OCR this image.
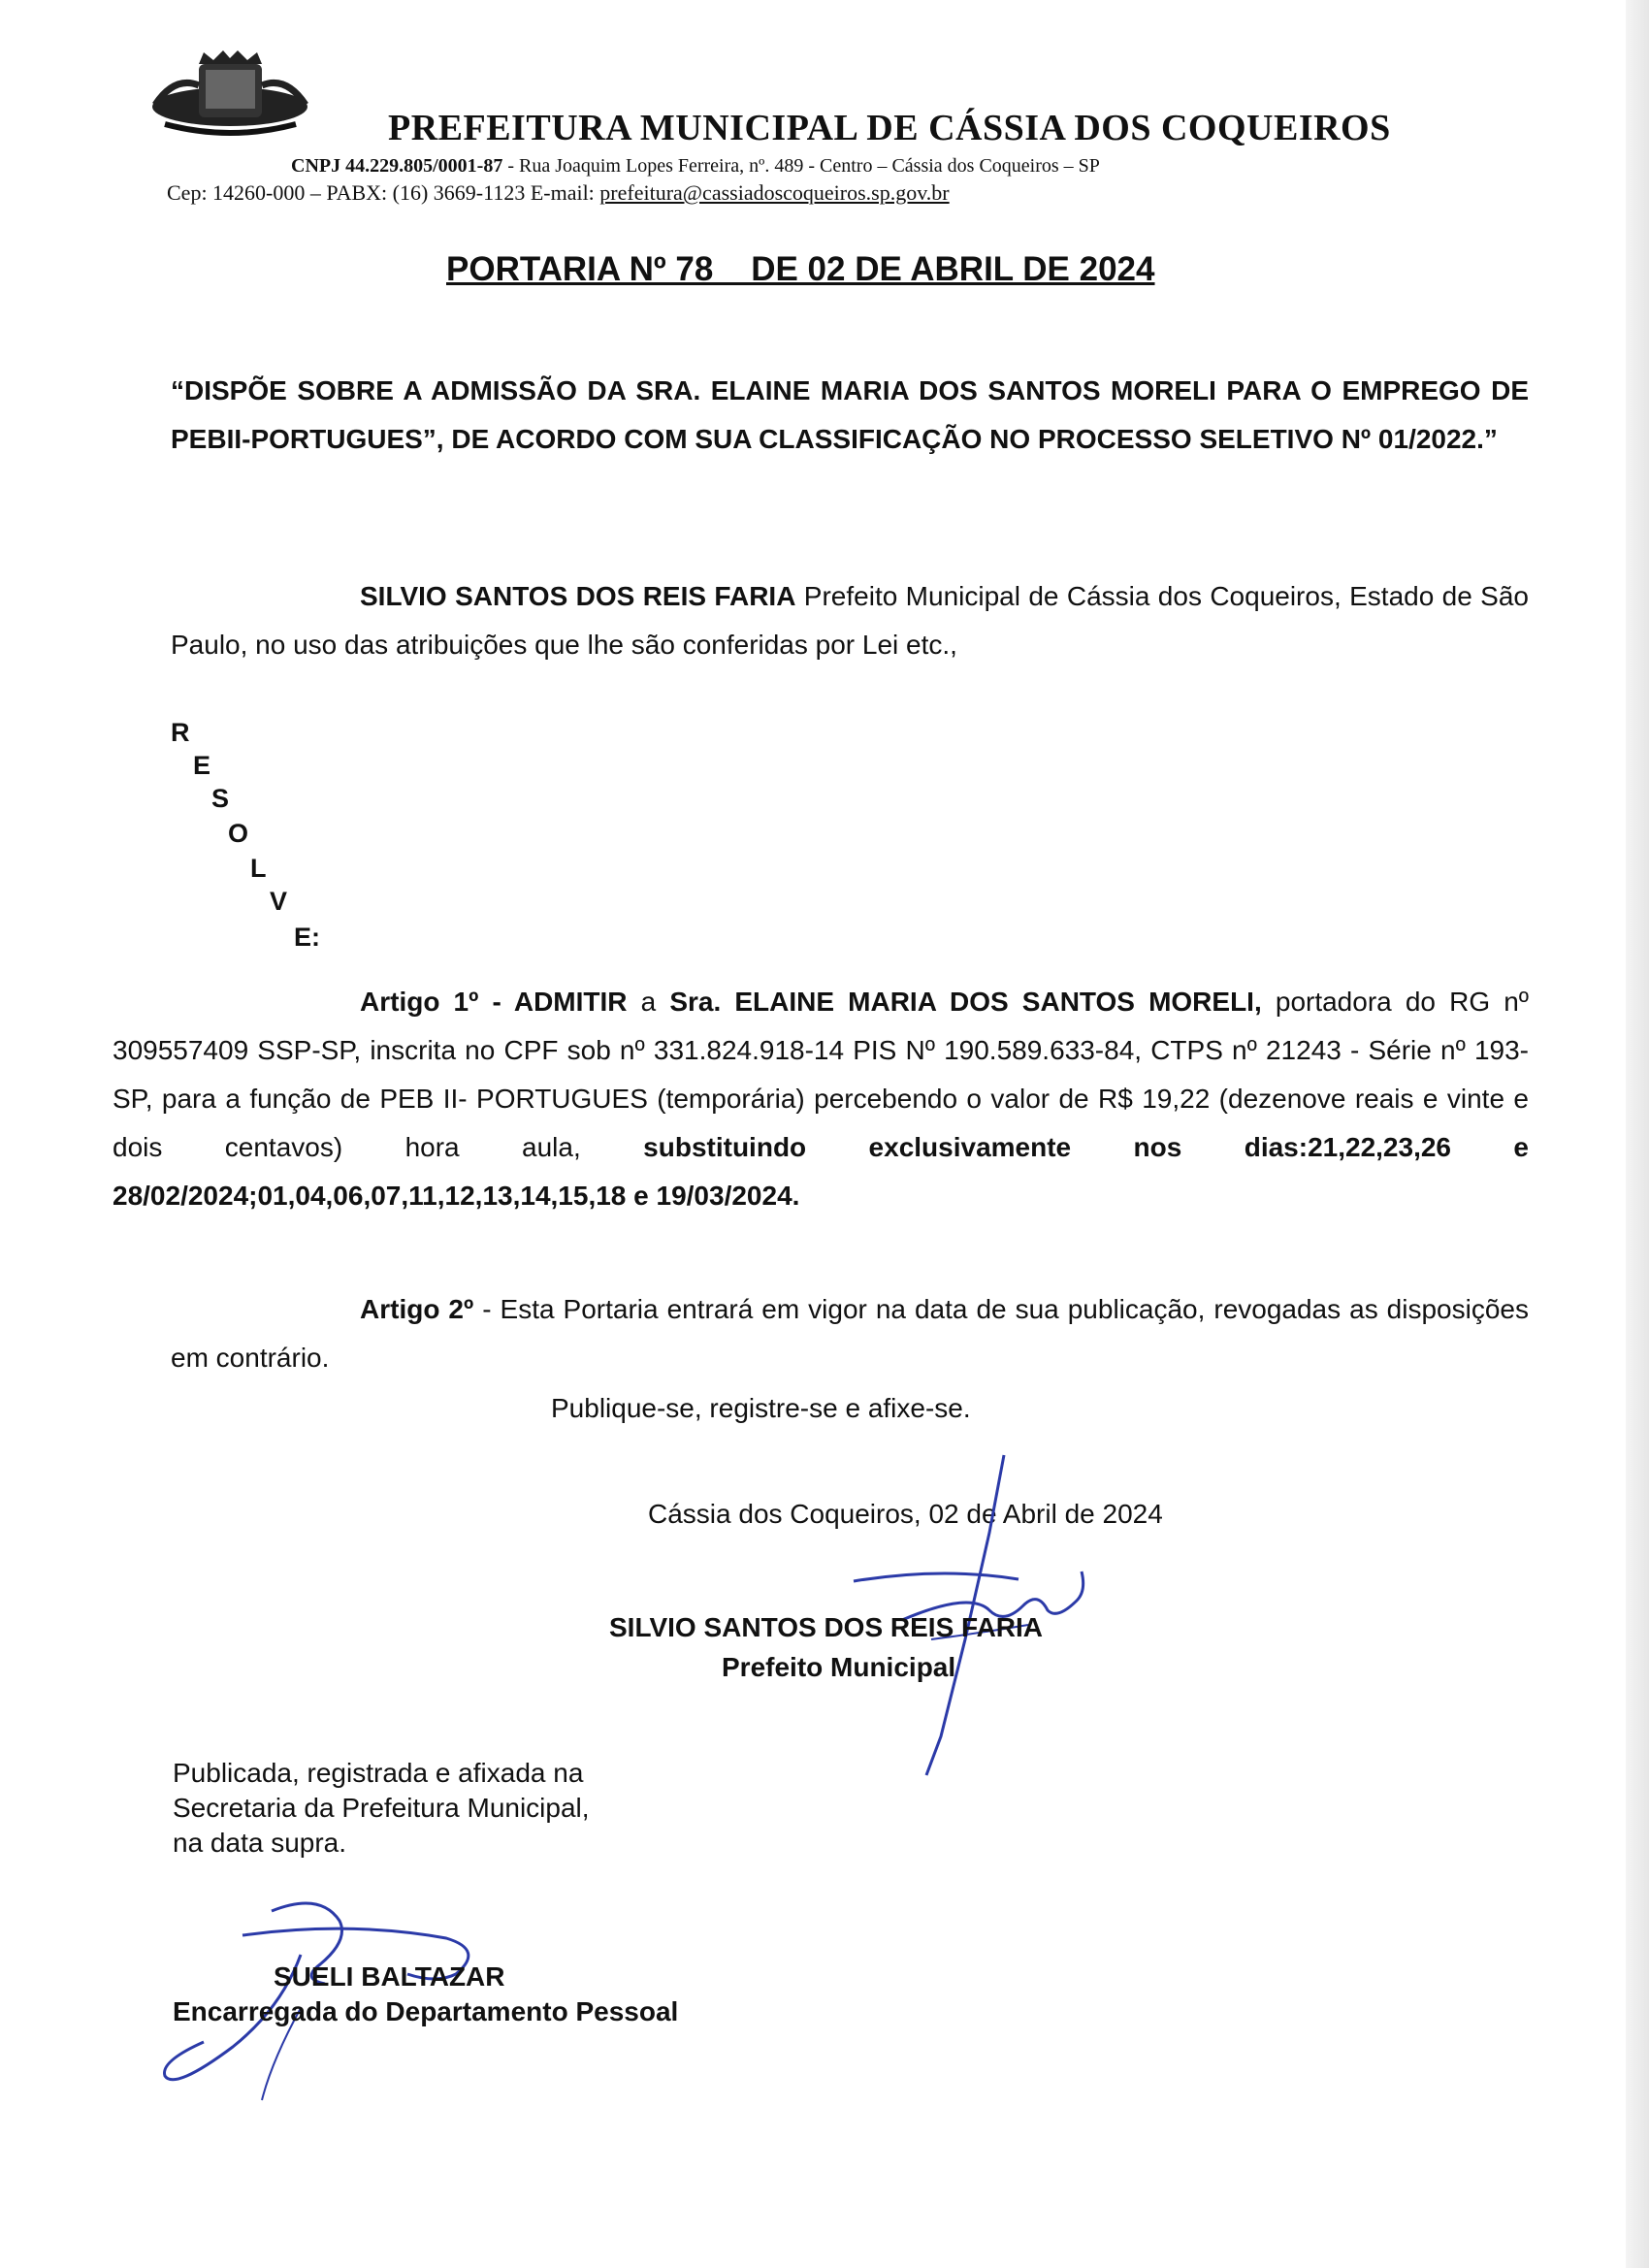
PREFEITURA MUNICIPAL DE CÁSSIA DOS COQUEIROS
CNPJ 44.229.805/0001-87 - Rua Joaquim Lopes Ferreira, nº. 489 - Centro – Cássia dos Coqueiros – SP
Cep: 14260-000 – PABX: (16) 3669-1123 E-mail: prefeitura@cassiadoscoqueiros.sp.gov.br
PORTARIA Nº 78    DE 02 DE ABRIL DE 2024
“DISPÕE SOBRE A ADMISSÃO DA SRA. ELAINE MARIA DOS SANTOS MORELI PARA O EMPREGO DE PEBII-PORTUGUES”, DE ACORDO COM SUA CLASSIFICAÇÃO NO PROCESSO SELETIVO Nº 01/2022.”
SILVIO SANTOS DOS REIS FARIA Prefeito Municipal de Cássia dos Coqueiros, Estado de São Paulo, no uso das atribuições que lhe são conferidas por Lei etc.,
R
E
S
O
L
V
E:
Artigo 1º - ADMITIR a Sra. ELAINE MARIA DOS SANTOS MORELI, portadora do RG nº 309557409 SSP-SP, inscrita no CPF sob nº 331.824.918-14 PIS Nº 190.589.633-84, CTPS nº 21243 - Série nº 193-SP, para a função de PEB II- PORTUGUES (temporária) percebendo o valor de R$ 19,22 (dezenove reais e vinte e dois centavos) hora aula, substituindo exclusivamente nos dias:21,22,23,26 e 28/02/2024;01,04,06,07,11,12,13,14,15,18 e 19/03/2024.
Artigo 2º - Esta Portaria entrará em vigor na data de sua publicação, revogadas as disposições em contrário.
Publique-se, registre-se e afixe-se.
Cássia dos Coqueiros, 02 de Abril de 2024
SILVIO SANTOS DOS REIS FARIA
Prefeito Municipal
Publicada, registrada e afixada na
Secretaria da Prefeitura Municipal,
na data supra.
SUELI BALTAZAR
Encarregada do Departamento Pessoal
